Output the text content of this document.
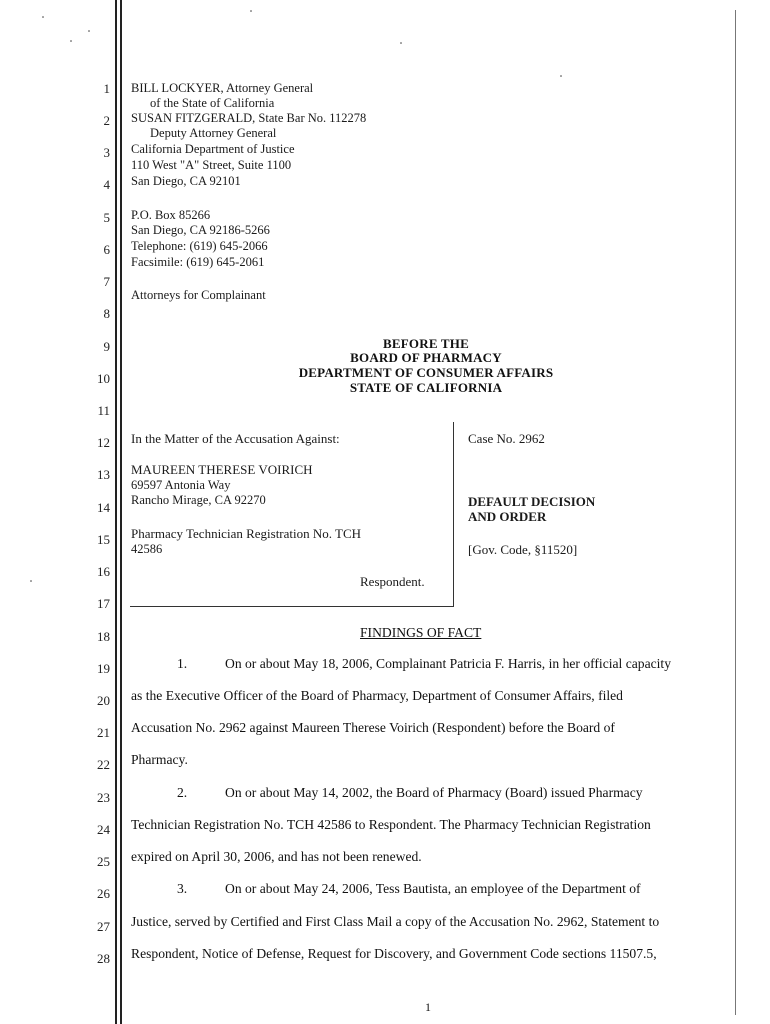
1
2
3
4
5
6
7
8
9
10
11
12
13
14
15
16
17
18
19
20
21
22
23
24
25
26
27
28
BILL LOCKYER, Attorney General
of the State of California
SUSAN FITZGERALD, State Bar No. 112278
Deputy Attorney General
California Department of Justice
110 West "A" Street, Suite 1100
San Diego, CA 92101
P.O. Box 85266
San Diego, CA 92186-5266
Telephone: (619) 645-2066
Facsimile: (619) 645-2061
Attorneys for Complainant
BEFORE THE
BOARD OF PHARMACY
DEPARTMENT OF CONSUMER AFFAIRS
STATE OF CALIFORNIA
In the Matter of the Accusation Against:
MAUREEN THERESE VOIRICH
69597 Antonia Way
Rancho Mirage, CA 92270
Pharmacy Technician Registration No. TCH
42586
Respondent.
Case No. 2962
DEFAULT DECISION
AND ORDER
[Gov. Code, §11520]
FINDINGS OF FACT
1.	On or about May 18, 2006, Complainant Patricia F. Harris, in her official capacity
as the Executive Officer of the Board of Pharmacy, Department of Consumer Affairs, filed
Accusation No. 2962 against Maureen Therese Voirich (Respondent) before the Board of
Pharmacy.
2.	On or about May 14, 2002, the Board of Pharmacy (Board) issued Pharmacy
Technician Registration No. TCH 42586 to Respondent. The Pharmacy Technician Registration
expired on April 30, 2006, and has not been renewed.
3.	On or about May 24, 2006, Tess Bautista, an employee of the Department of
Justice, served by Certified and First Class Mail a copy of the Accusation No. 2962, Statement to
Respondent, Notice of Defense, Request for Discovery, and Government Code sections 11507.5,
1
